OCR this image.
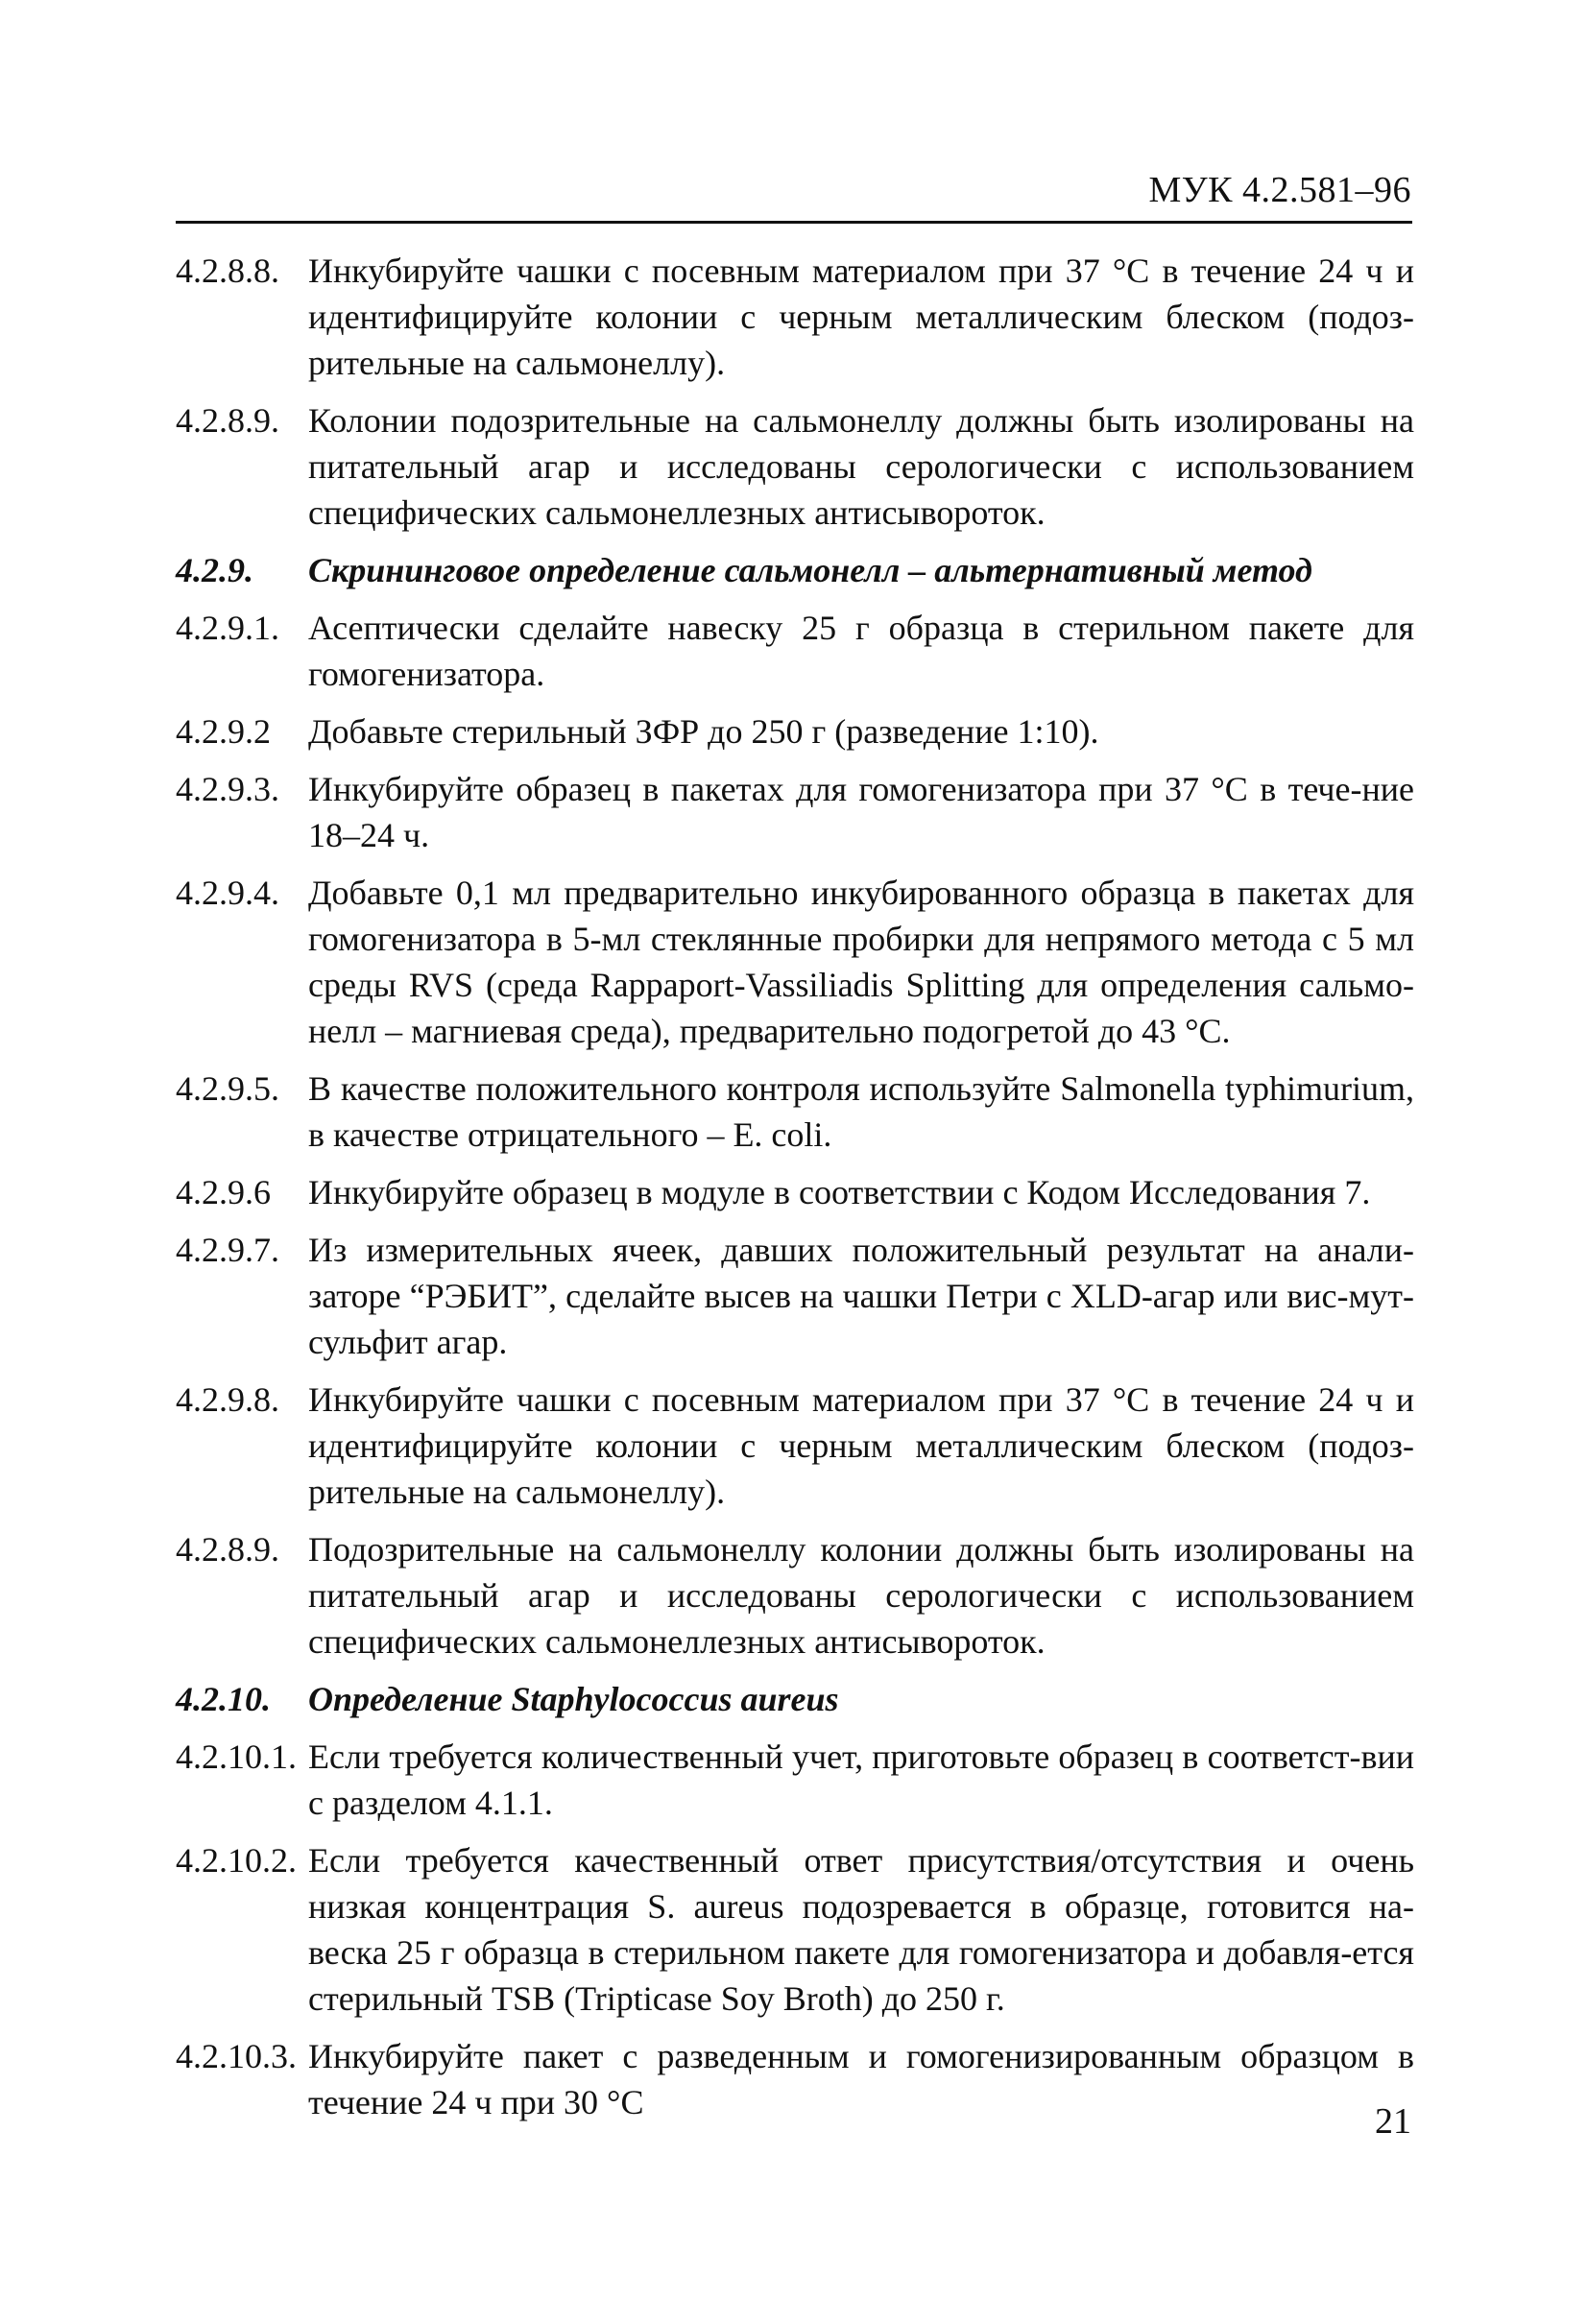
МУК 4.2.581–96
4.2.8.8. Инкубируйте чашки с посевным материалом при 37 °С в течение 24 ч и идентифицируйте колонии с черным металлическим блеском (подоз-рительные на сальмонеллу).
4.2.8.9. Колонии подозрительные на сальмонеллу должны быть изолированы на питательный агар и исследованы серологически с использованием специфических сальмонеллезных антисывороток.
4.2.9.	Скрининговое определение сальмонелл – альтернативный метод
4.2.9.1. Асептически сделайте навеску 25 г образца в стерильном пакете для гомогенизатора.
4.2.9.2	Добавьте стерильный ЗФР до 250 г (разведение 1:10).
4.2.9.3. Инкубируйте образец в пакетах для гомогенизатора при 37 °С в тече-ние 18–24 ч.
4.2.9.4. Добавьте 0,1 мл предварительно инкубированного образца в пакетах для гомогенизатора в 5-мл стеклянные пробирки для непрямого метода с 5 мл среды RVS (среда Rappaport-Vassiliadis Splitting для определения сальмо-нелл – магниевая среда), предварительно подогретой до 43 °С.
4.2.9.5. В качестве положительного контроля используйте Salmonella typhimurium, в качестве отрицательного – E. coli.
4.2.9.6	Инкубируйте образец в модуле в соответствии с Кодом Исследования 7.
4.2.9.7. Из измерительных ячеек, давших положительный результат на анали-заторе “РЭБИТ”, сделайте высев на чашки Петри с XLD-агар или вис-мут-сульфит агар.
4.2.9.8. Инкубируйте чашки с посевным материалом при 37 °С в течение 24 ч и идентифицируйте колонии с черным металлическим блеском (подоз-рительные на сальмонеллу).
4.2.8.9. Подозрительные на сальмонеллу колонии должны быть изолированы на питательный агар и исследованы серологически с использованием специфических сальмонеллезных антисывороток.
4.2.10.	Определение Staphylococcus aureus
4.2.10.1. Если требуется количественный учет, приготовьте образец в соответст-вии с разделом 4.1.1.
4.2.10.2. Если требуется качественный ответ присутствия/отсутствия и очень низкая концентрация S. aureus подозревается в образце, готовится на-веска 25 г образца в стерильном пакете для гомогенизатора и добавля-ется стерильный TSB (Tripticase Soy Broth) до 250 г.
4.2.10.3. Инкубируйте пакет с разведенным и гомогенизированным образцом в течение 24 ч при 30 °С	21
